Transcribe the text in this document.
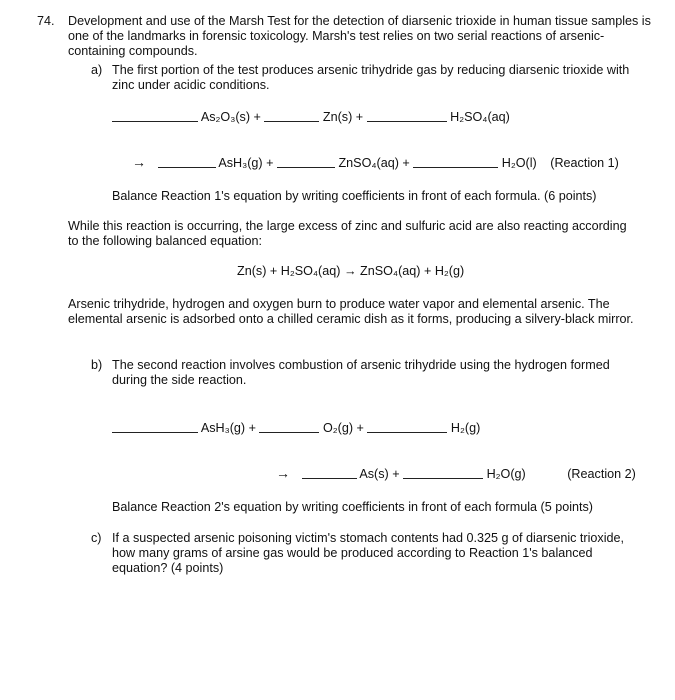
74. Development and use of the Marsh Test for the detection of diarsenic trioxide in human tissue samples is one of the landmarks in forensic toxicology. Marsh's test relies on two serial reactions of arsenic-containing compounds.
a) The first portion of the test produces arsenic trihydride gas by reducing diarsenic trioxide with zinc under acidic conditions.
As₂O₃(s) +	Zn(s) +	H₂SO₄(aq)
→	AsH₃(g) +	ZnSO₄(aq) +	H₂O(l) (Reaction 1)
Balance Reaction 1's equation by writing coefficients in front of each formula. (6 points)
While this reaction is occurring, the large excess of zinc and sulfuric acid are also reacting according to the following balanced equation:
Zn(s) + H₂SO₄(aq) → ZnSO₄(aq) + H₂(g)
Arsenic trihydride, hydrogen and oxygen burn to produce water vapor and elemental arsenic. The elemental arsenic is adsorbed onto a chilled ceramic dish as it forms, producing a silvery-black mirror.
b) The second reaction involves combustion of arsenic trihydride using the hydrogen formed during the side reaction.
AsH₃(g) +	O₂(g) +	H₂(g)
→	As(s) +	H₂O(g)	(Reaction 2)
Balance Reaction 2's equation by writing coefficients in front of each formula (5 points)
c) If a suspected arsenic poisoning victim's stomach contents had 0.325 g of diarsenic trioxide, how many grams of arsine gas would be produced according to Reaction 1's balanced equation? (4 points)
